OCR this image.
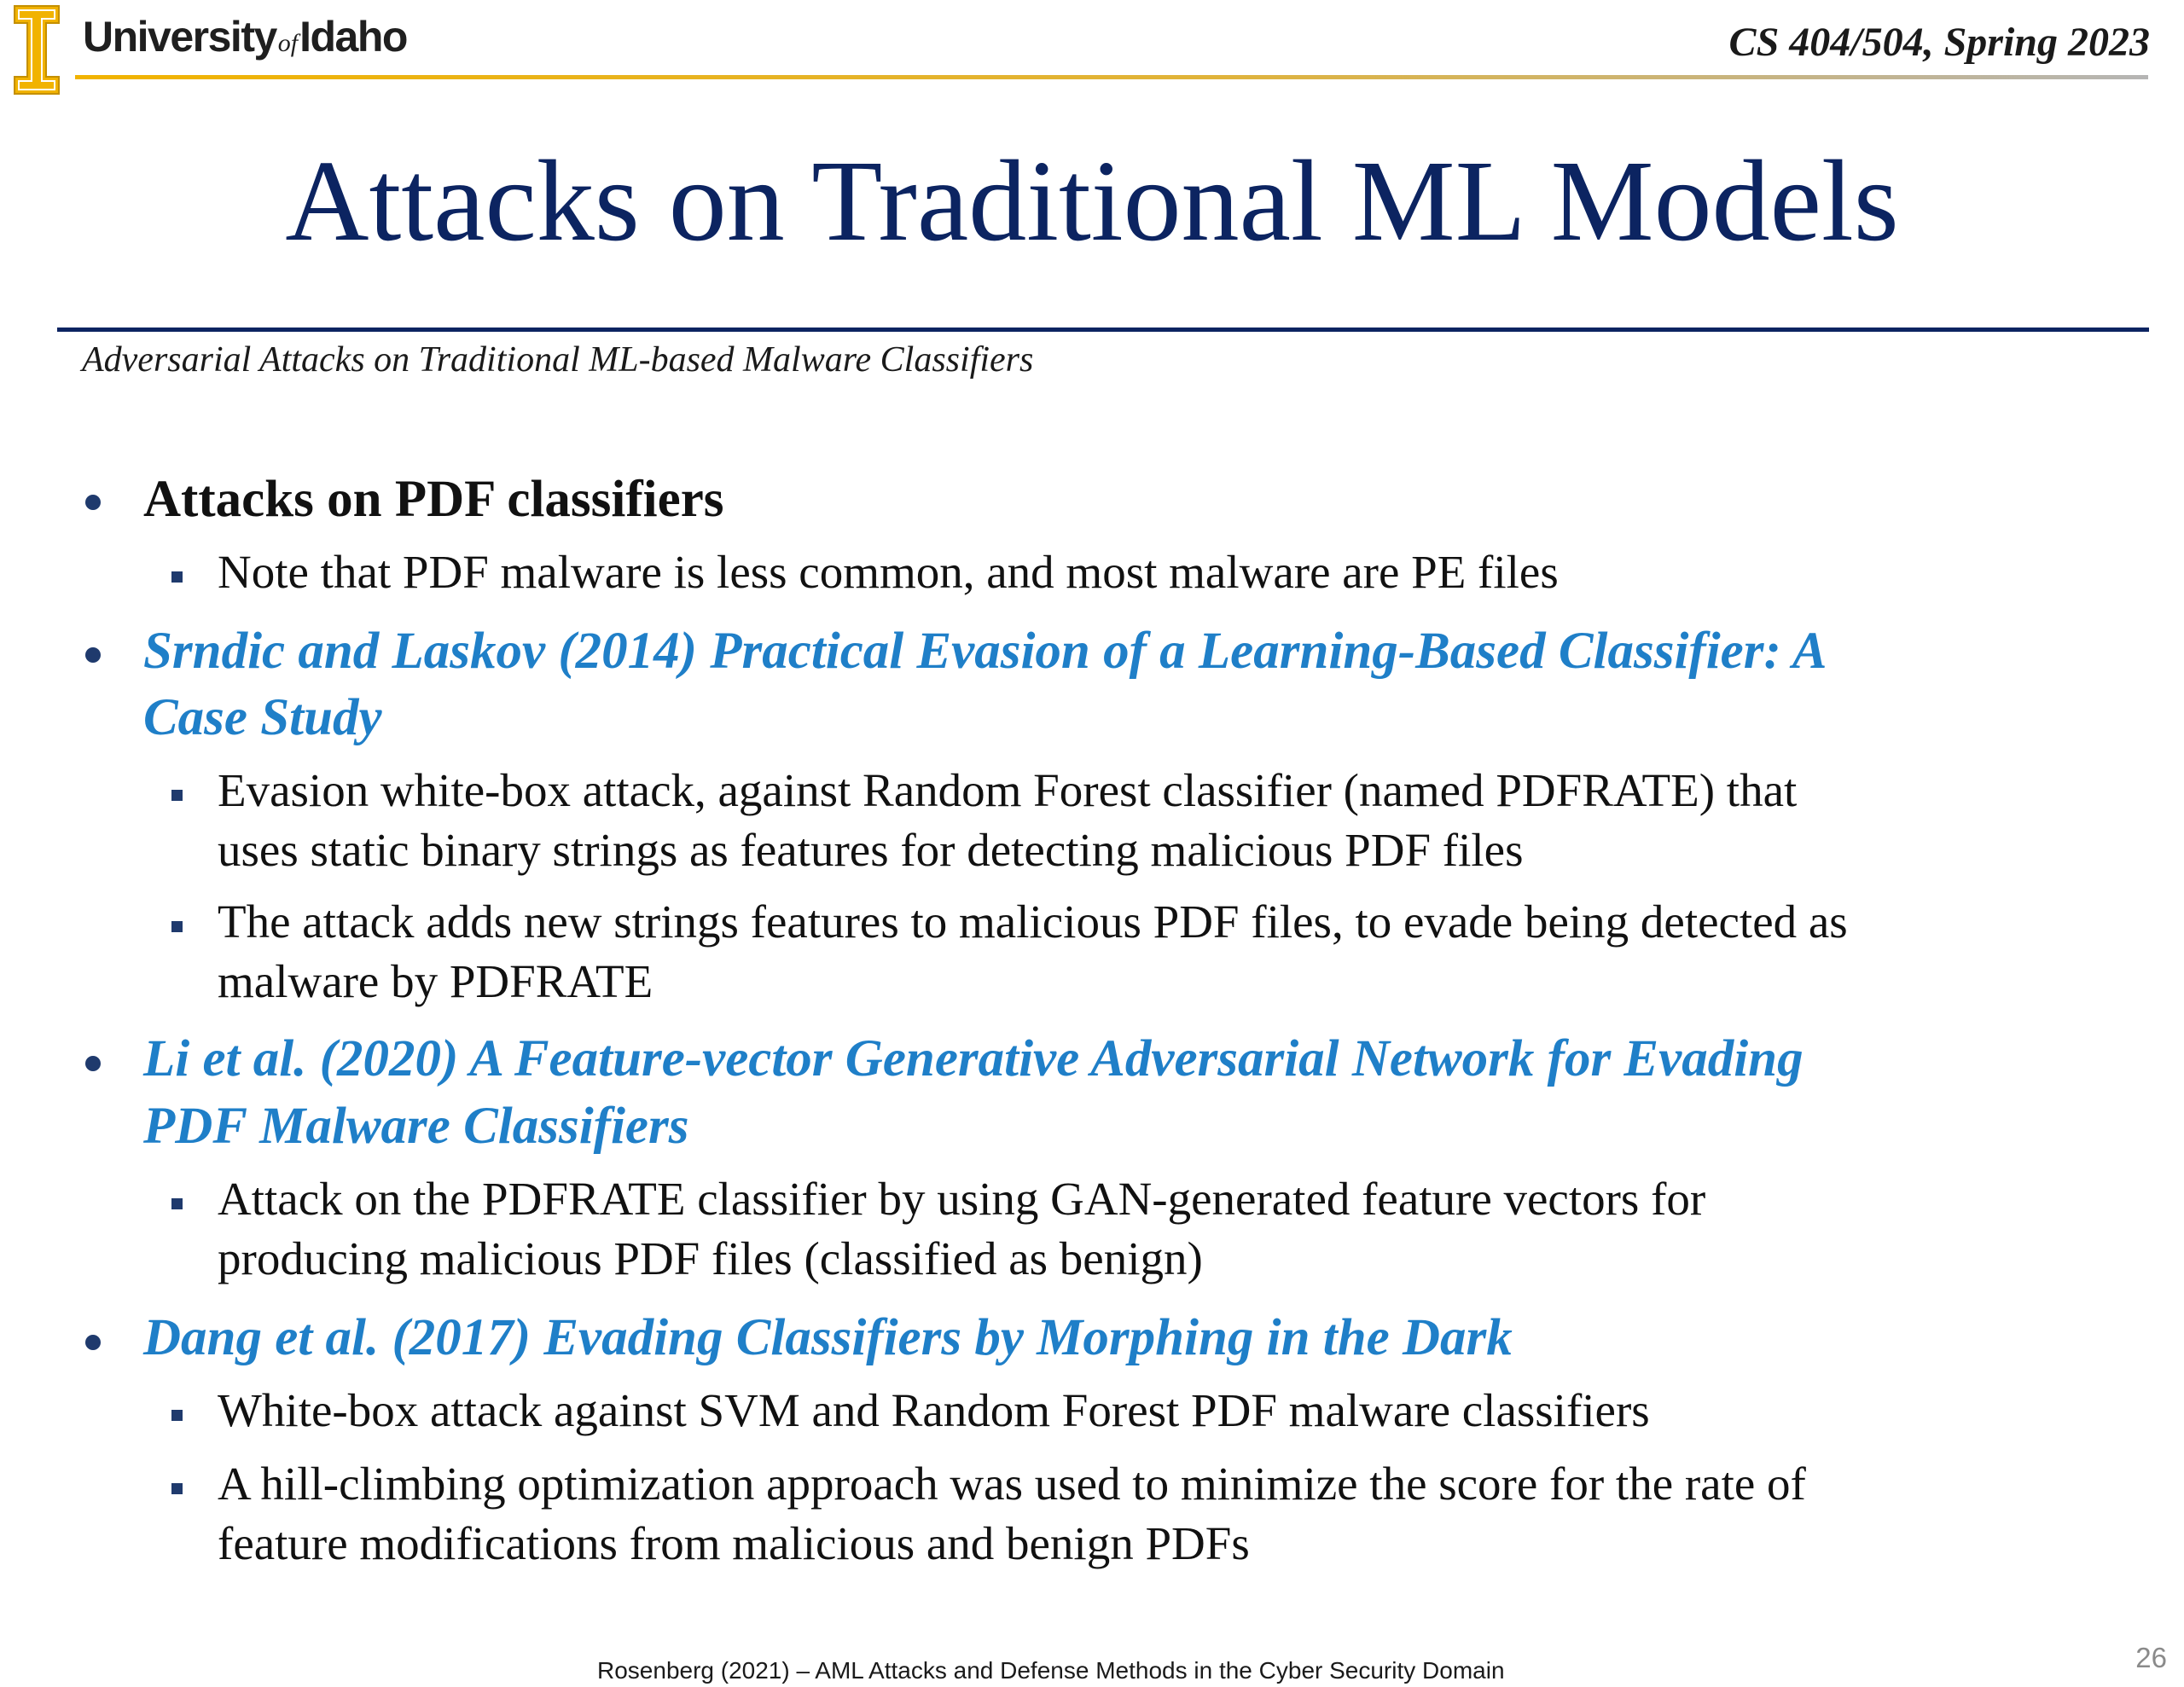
UniversityofIdaho	CS 404/504, Spring 2023
Attacks on Traditional ML Models
Adversarial Attacks on Traditional ML-based Malware Classifiers

Attacks on PDF classifiers

Note that PDF malware is less common, and most malware are PE files

Srndic and Laskov (2014) Practical Evasion of a Learning-Based Classifier: A

Case Study

Evasion white-box attack, against Random Forest classifier (named PDFRATE) that

uses static binary strings as features for detecting malicious PDF files

The attack adds new strings features to malicious PDF files, to evade being detected as

malware by PDFRATE

Li et al. (2020) A Feature-vector Generative Adversarial Network for Evading

PDF Malware Classifiers

Attack on the PDFRATE classifier by using GAN-generated feature vectors for

producing malicious PDF files (classified as benign)

Dang et al. (2017) Evading Classifiers by Morphing in the Dark

White-box attack against SVM and Random Forest PDF malware classifiers

A hill-climbing optimization approach was used to minimize the score for the rate of

feature modifications from malicious and benign PDFs

Rosenberg (2021) – AML Attacks and Defense Methods in the Cyber Security Domain	26
